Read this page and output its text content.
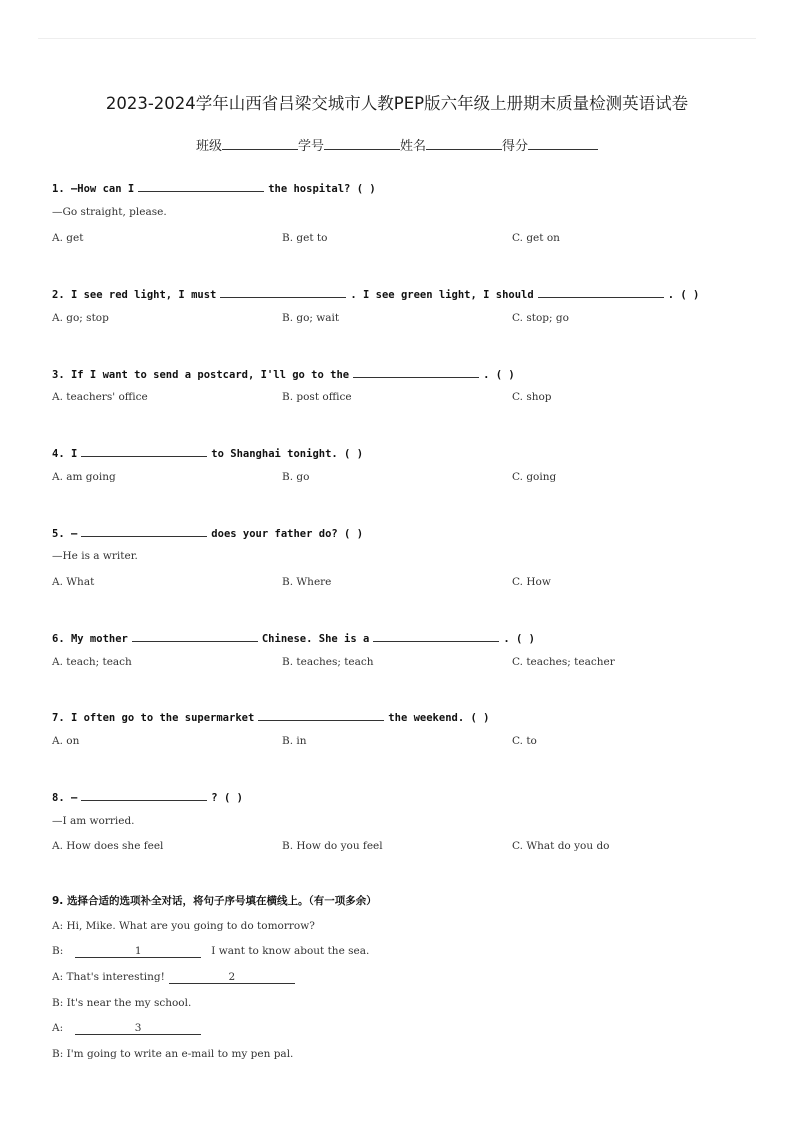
2023-2024学年山西省吕梁交城市人教PEP版六年级上册期末质量检测英语试卷
班级	学号	姓名	得分
1. —How can I	the hospital? ( )
—Go straight, please.
A. get	B. get to	C. get on
2. I see red light, I must	. I see green light, I should	. ( )
A. go; stop	B. go; wait	C. stop; go
3. If I want to send a postcard, I'll go to the	. ( )
A. teachers' office	B. post office	C. shop
4. I	to Shanghai tonight. ( )
A. am going	B. go	C. going
5. —	does your father do? ( )
—He is a writer.
A. What	B. Where	C. How
6. My mother	Chinese. She is a	. ( )
A. teach; teach	B. teaches; teach	C. teaches; teacher
7. I often go to the supermarket	the weekend. ( )
A. on	B. in	C. to
8. —	? ( )
—I am worried.
A. How does she feel	B. How do you feel	C. What do you do
9. 选择合适的选项补全对话，将句子序号填在横线上。（有一项多余）
A: Hi, Mike. What are you going to do tomorrow?
B:	1	I want to know about the sea.
A: That's interesting!	2
B: It's near the my school.
A:	3
B: I'm going to write an e-mail to my pen pal.
